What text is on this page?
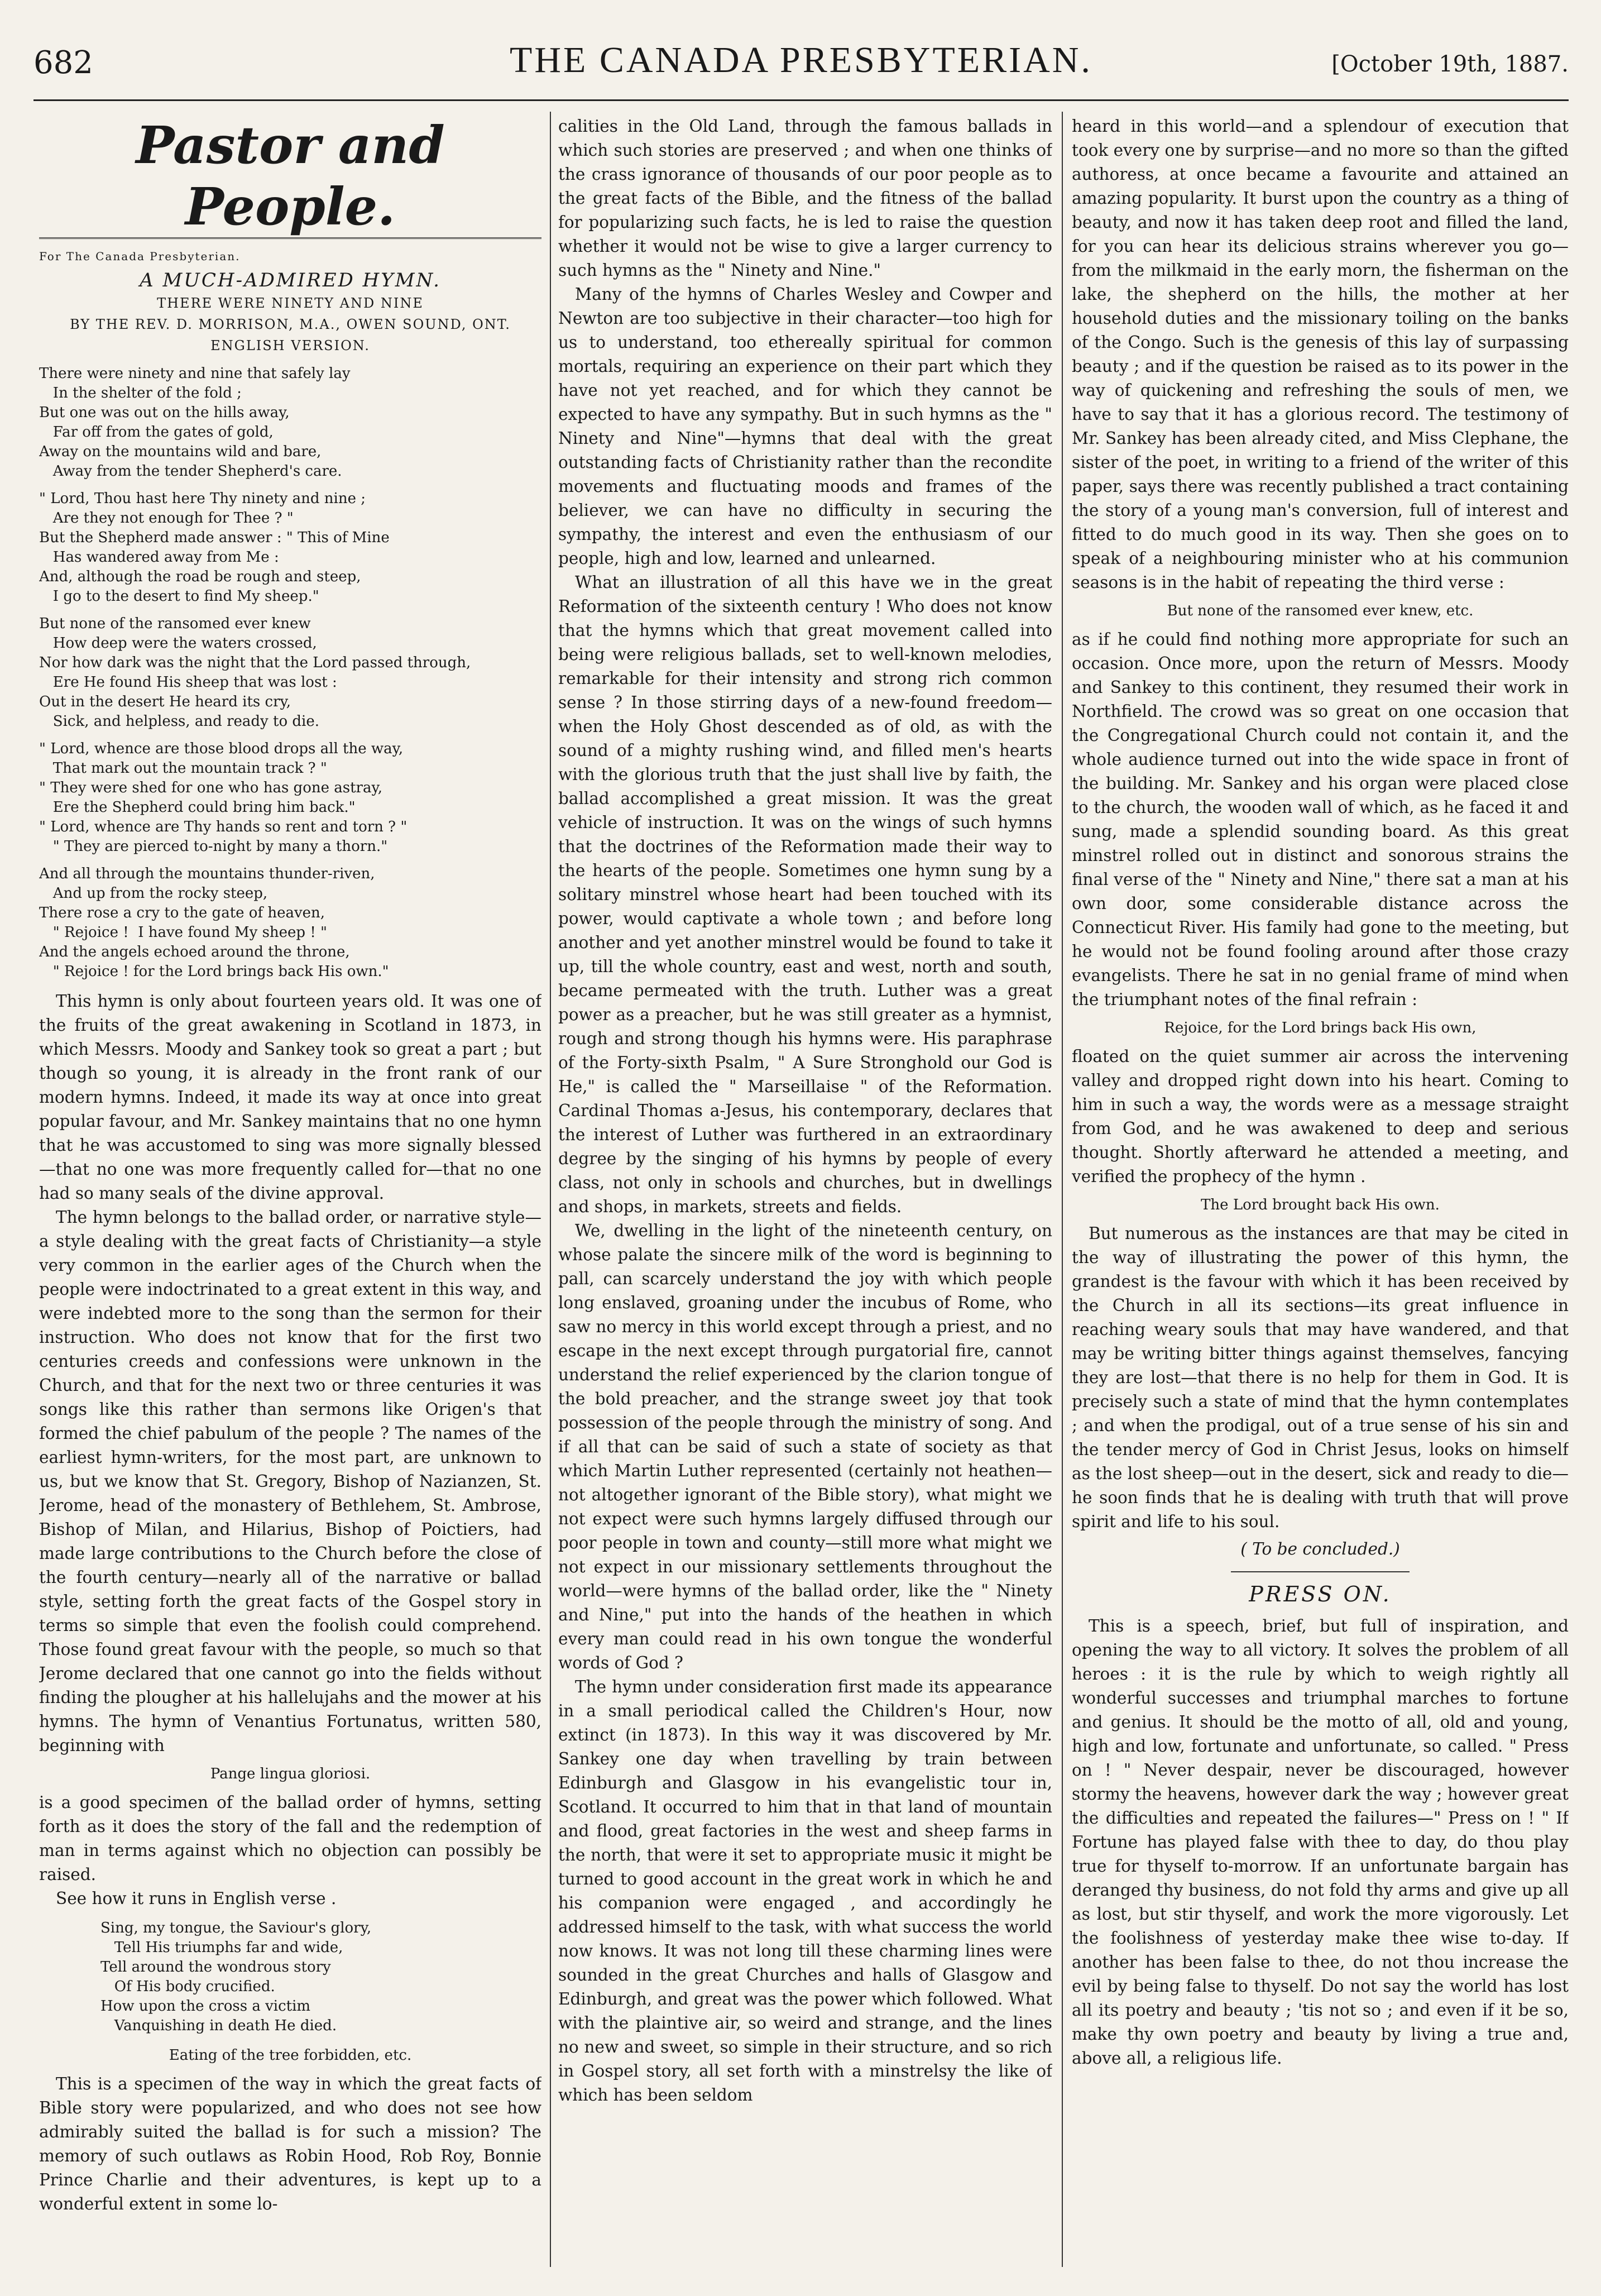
682	THE CANADA PRESBYTERIAN.	[October 19th, 1887.
Pastor and People.
For The Canada Presbyterian.
A MUCH-ADMIRED HYMN.
THERE WERE NINETY AND NINE
BY THE REV. D. MORRISON, M.A., OWEN SOUND, ONT.
ENGLISH VERSION.
There were ninety and nine that safely lay
In the shelter of the fold ;
But one was out on the hills away,
Far off from the gates of gold,
Away on the mountains wild and bare,
Away from the tender Shepherd's care.
" Lord, Thou hast here Thy ninety and nine ;
Are they not enough for Thee ? "
But the Shepherd made answer : " This of Mine
Has wandered away from Me :
And, although the road be rough and steep,
I go to the desert to find My sheep."
But none of the ransomed ever knew
How deep were the waters crossed,
Nor how dark was the night that the Lord passed through,
Ere He found His sheep that was lost :
Out in the desert He heard its cry,
Sick, and helpless, and ready to die.
" Lord, whence are those blood drops all the way,
That mark out the mountain track ? "
" They were shed for one who has gone astray,
Ere the Shepherd could bring him back."
" Lord, whence are Thy hands so rent and torn ? "
" They are pierced to-night by many a thorn."
And all through the mountains thunder-riven,
And up from the rocky steep,
There rose a cry to the gate of heaven,
" Rejoice !  I have found My sheep ! "
And the angels echoed around the throne,
" Rejoice ! for the Lord brings back His own."

This hymn is only about fourteen years old. It was one of the fruits of the great awakening in Scotland in 1873, in which Messrs. Moody and Sankey took so great a part ; but though so young, it is already in the front rank of our modern hymns. Indeed, it made its way at once into great popular favour, and Mr. Sankey maintains that no one hymn that he was accustomed to sing was more signally blessed—that no one was more frequently called for—that no one had so many seals of the divine approval.

The hymn belongs to the ballad order, or narrative style—a style dealing with the great facts of Christianity—a style very common in the earlier ages of the Church when the people were indoctrinated to a great extent in this way, and were indebted more to the song than the sermon for their instruction. Who does not know that for the first two centuries creeds and confessions were unknown in the Church, and that for the next two or three centuries it was songs like this rather than sermons like Origen's that formed the chief pabulum of the people ? The names of the earliest hymn-writers, for the most part, are unknown to us, but we know that St. Gregory, Bishop of Nazianzen, St. Jerome, head of the monastery of Bethlehem, St. Ambrose, Bishop of Milan, and Hilarius, Bishop of Poictiers, had made large contributions to the Church before the close of the fourth century—nearly all of the narrative or ballad style, setting forth the great facts of the Gospel story in terms so simple that even the foolish could comprehend. Those found great favour with the people, so much so that Jerome declared that one cannot go into the fields without finding the plougher at his hallelujahs and the mower at his hymns. The hymn of Venantius Fortunatus, written 580, beginning with

Pange lingua gloriosi.

is a good specimen of the ballad order of hymns, setting forth as it does the story of the fall and the redemption of man in terms against which no objection can possibly be raised.

See how it runs in English verse .

Sing, my tongue, the Saviour's glory,
Tell His triumphs far and wide,
Tell around the wondrous story
Of His body crucified.
How upon the cross a victim
Vanquishing in death He died.
Eating of the tree forbidden, etc.

This is a specimen of the way in which the great facts of Bible story were popularized, and who does not see how admirably suited the ballad is for such a mission? The memory of such outlaws as Robin Hood, Rob Roy, Bonnie Prince Charlie and their adventures, is kept up to a wonderful extent in some lo-

calities in the Old Land, through the famous ballads in which such stories are preserved ; and when one thinks of the crass ignorance of thousands of our poor people as to the great facts of the Bible, and the fitness of the ballad for popularizing such facts, he is led to raise the question whether it would not be wise to give a larger currency to such hymns as the " Ninety and Nine."

Many of the hymns of Charles Wesley and Cowper and Newton are too subjective in their character—too high for us to understand, too ethereally spiritual for common mortals, requiring an experience on their part which they have not yet reached, and for which they cannot be expected to have any sympathy. But in such hymns as the " Ninety and Nine"—hymns that deal with the great outstanding facts of Christianity rather than the recondite movements and fluctuating moods and frames of the believer, we can have no difficulty in securing the sympathy, the interest and even the enthusiasm of our people, high and low, learned and unlearned.

What an illustration of all this have we in the great Reformation of the sixteenth century ! Who does not know that the hymns which that great movement called into being were religious ballads, set to well-known melodies, remarkable for their intensity and strong rich common sense ? In those stirring days of a new-found freedom—when the Holy Ghost descended as of old, as with the sound of a mighty rushing wind, and filled men's hearts with the glorious truth that the just shall live by faith, the ballad accomplished a great mission. It was the great vehicle of instruction. It was on the wings of such hymns that the doctrines of the Reformation made their way to the hearts of the people. Sometimes one hymn sung by a solitary minstrel whose heart had been touched with its power, would captivate a whole town ; and before long another and yet another minstrel would be found to take it up, till the whole country, east and west, north and south, became permeated with the truth. Luther was a great power as a preacher, but he was still greater as a hymnist, rough and strong though his hymns were. His paraphrase of the Forty-sixth Psalm, " A Sure Stronghold our God is He," is called the " Marseillaise " of the Reformation. Cardinal Thomas a-Jesus, his contemporary, declares that the interest of Luther was furthered in an extraordinary degree by the singing of his hymns by people of every class, not only in schools and churches, but in dwellings and shops, in markets, streets and fields.

We, dwelling in the light of the nineteenth century, on whose palate the sincere milk of the word is beginning to pall, can scarcely understand the joy with which people long enslaved, groaning under the incubus of Rome, who saw no mercy in this world except through a priest, and no escape in the next except through purgatorial fire, cannot understand the relief experienced by the clarion tongue of the bold preacher, and the strange sweet joy that took possession of the people through the ministry of song. And if all that can be said of such a state of society as that which Martin Luther represented (certainly not heathen—not altogether ignorant of the Bible story), what might we not expect were such hymns largely diffused through our poor people in town and county—still more what might we not expect in our missionary settlements throughout the world—were hymns of the ballad order, like the " Ninety and Nine," put into the hands of the heathen in which every man could read in his own tongue the wonderful words of God ?

The hymn under consideration first made its appearance in a small periodical called the Children's Hour, now extinct (in 1873). In this way it was discovered by Mr. Sankey one day when travelling by train between Edinburgh and Glasgow in his evangelistic tour in, Scotland. It occurred to him that in that land of mountain and flood, great factories in the west and sheep farms in the north, that were it set to appropriate music it might be turned to good account in the great work in which he and his companion were engaged , and accordingly he addressed himself to the task, with what success the world now knows. It was not long till these charming lines were sounded in the great Churches and halls of Glasgow and Edinburgh, and great was the power which followed. What with the plaintive air, so weird and strange, and the lines no new and sweet, so simple in their structure, and so rich in Gospel story, all set forth with a minstrelsy the like of which has been seldom

heard in this world—and a splendour of execution that took every one by surprise—and no more so than the gifted authoress, at once became a favourite and attained an amazing popularity. It burst upon the country as a thing of beauty, and now it has taken deep root and filled the land, for you can hear its delicious strains wherever you go—from the milkmaid in the early morn, the fisherman on the lake, the shepherd on the hills, the mother at her household duties and the missionary toiling on the banks of the Congo. Such is the genesis of this lay of surpassing beauty ; and if the question be raised as to its power in the way of quickening and refreshing the souls of men, we have to say that it has a glorious record. The testimony of Mr. Sankey has been already cited, and Miss Clephane, the sister of the poet, in writing to a friend of the writer of this paper, says there was recently published a tract containing the story of a young man's conversion, full of interest and fitted to do much good in its way. Then she goes on to speak of a neighbouring minister who at his communion seasons is in the habit of repeating the third verse :

But none of the ransomed ever knew, etc.

as if he could find nothing more appropriate for such an occasion. Once more, upon the return of Messrs. Moody and Sankey to this continent, they resumed their work in Northfield. The crowd was so great on one occasion that the Congregational Church could not contain it, and the whole audience turned out into the wide space in front of the building. Mr. Sankey and his organ were placed close to the church, the wooden wall of which, as he faced it and sung, made a splendid sounding board. As this great minstrel rolled out in distinct and sonorous strains the final verse of the " Ninety and Nine," there sat a man at his own door, some considerable distance across the Connecticut River. His family had gone to the meeting, but he would not be found fooling around after those crazy evangelists. There he sat in no genial frame of mind when the triumphant notes of the final refrain :

Rejoice, for the Lord brings back His own,

floated on the quiet summer air across the intervening valley and dropped right down into his heart. Coming to him in such a way, the words were as a message straight from God, and he was awakened to deep and serious thought. Shortly afterward he attended a meeting, and verified the prophecy of the hymn .

The Lord brought back His own.

But numerous as the instances are that may be cited in the way of illustrating the power of this hymn, the grandest is the favour with which it has been received by the Church in all its sections—its great influence in reaching weary souls that may have wandered, and that may be writing bitter things against themselves, fancying they are lost—that there is no help for them in God. It is precisely such a state of mind that the hymn contemplates ; and when the prodigal, out of a true sense of his sin and the tender mercy of God in Christ Jesus, looks on himself as the lost sheep—out in the desert, sick and ready to die—he soon finds that he is dealing with truth that will prove spirit and life to his soul.

( To be concluded.)
PRESS ON.

This is a speech, brief, but full of inspiration, and opening the way to all victory. It solves the problem of all heroes : it is the rule by which to weigh rightly all wonderful successes and triumphal marches to fortune and genius. It should be the motto of all, old and young, high and low, fortunate and unfortunate, so called. " Press on ! " Never despair, never be discouraged, however stormy the heavens, however dark the way ; however great the difficulties and repeated the failures—" Press on ! " If Fortune has played false with thee to day, do thou play true for thyself to-morrow. If an unfortunate bargain has deranged thy business, do not fold thy arms and give up all as lost, but stir thyself, and work the more vigorously. Let the foolishness of yesterday make thee wise to-day. If another has been false to thee, do not thou increase the evil by being false to thyself. Do not say the world has lost all its poetry and beauty ; 'tis not so ; and even if it be so, make thy own poetry and beauty by living a true and, above all, a religious life.
